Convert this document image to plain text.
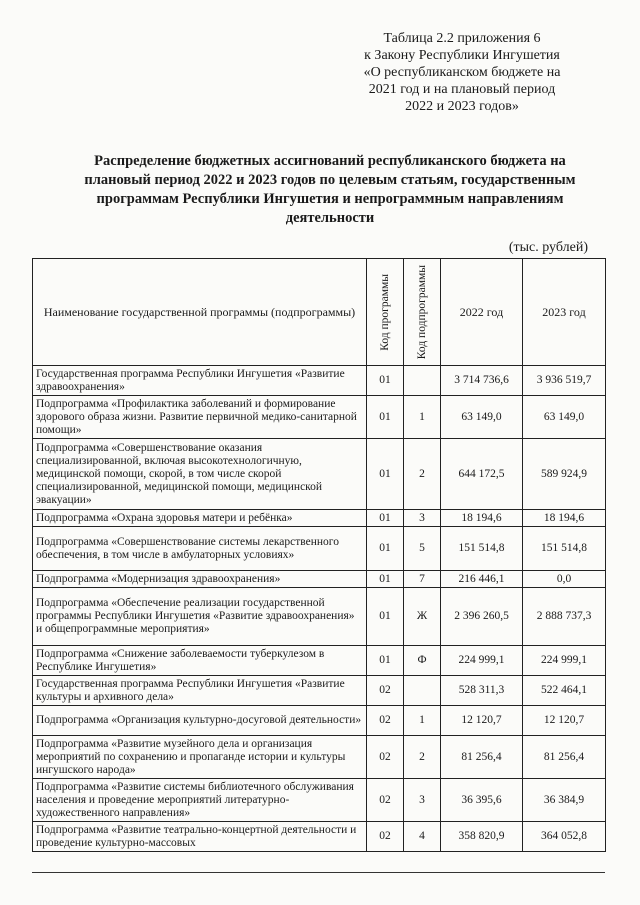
Таблица 2.2 приложения 6
к Закону Республики Ингушетия
«О республиканском бюджете на
2021 год и на плановый период
2022 и 2023 годов»
Распределение бюджетных ассигнований республиканского бюджета на плановый период 2022 и 2023 годов по целевым статьям, государственным программам Республики Ингушетия и непрограммным направлениям деятельности
(тыс. рублей)
Наименование государственной программы (подпрограммы)	Код программы	Код подпрограммы	2022 год	2023 год
Государственная программа Республики Ингушетия «Развитие здравоохранения»	01		3 714 736,6	3 936 519,7
Подпрограмма «Профилактика заболеваний и формирование здорового образа жизни. Развитие первичной медико-санитарной помощи»	01	1	63 149,0	63 149,0
Подпрограмма «Совершенствование оказания специализированной, включая высокотехнологичную, медицинской помощи, скорой, в том числе скорой специализированной, медицинской помощи, медицинской эвакуации»	01	2	644 172,5	589 924,9
Подпрограмма «Охрана здоровья матери и ребёнка»	01	3	18 194,6	18 194,6
Подпрограмма «Совершенствование системы лекарственного обеспечения, в том числе в амбулаторных условиях»	01	5	151 514,8	151 514,8
Подпрограмма «Модернизация здравоохранения»	01	7	216 446,1	0,0
Подпрограмма «Обеспечение реализации государственной программы Республики Ингушетия «Развитие здравоохранения» и общепрограммные мероприятия»	01	Ж	2 396 260,5	2 888 737,3
Подпрограмма «Снижение заболеваемости туберкулезом в Республике Ингушетия»	01	Ф	224 999,1	224 999,1
Государственная программа Республики Ингушетия «Развитие культуры и архивного дела»	02		528 311,3	522 464,1
Подпрограмма «Организация культурно-досуговой деятельности»	02	1	12 120,7	12 120,7
Подпрограмма «Развитие музейного дела и организация мероприятий по сохранению и пропаганде истории и культуры ингушского народа»	02	2	81 256,4	81 256,4
Подпрограмма «Развитие системы библиотечного обслуживания населения и проведение мероприятий литературно-художественного направления»	02	3	36 395,6	36 384,9
Подпрограмма «Развитие театрально-концертной деятельности и проведение культурно-массовых	02	4	358 820,9	364 052,8
